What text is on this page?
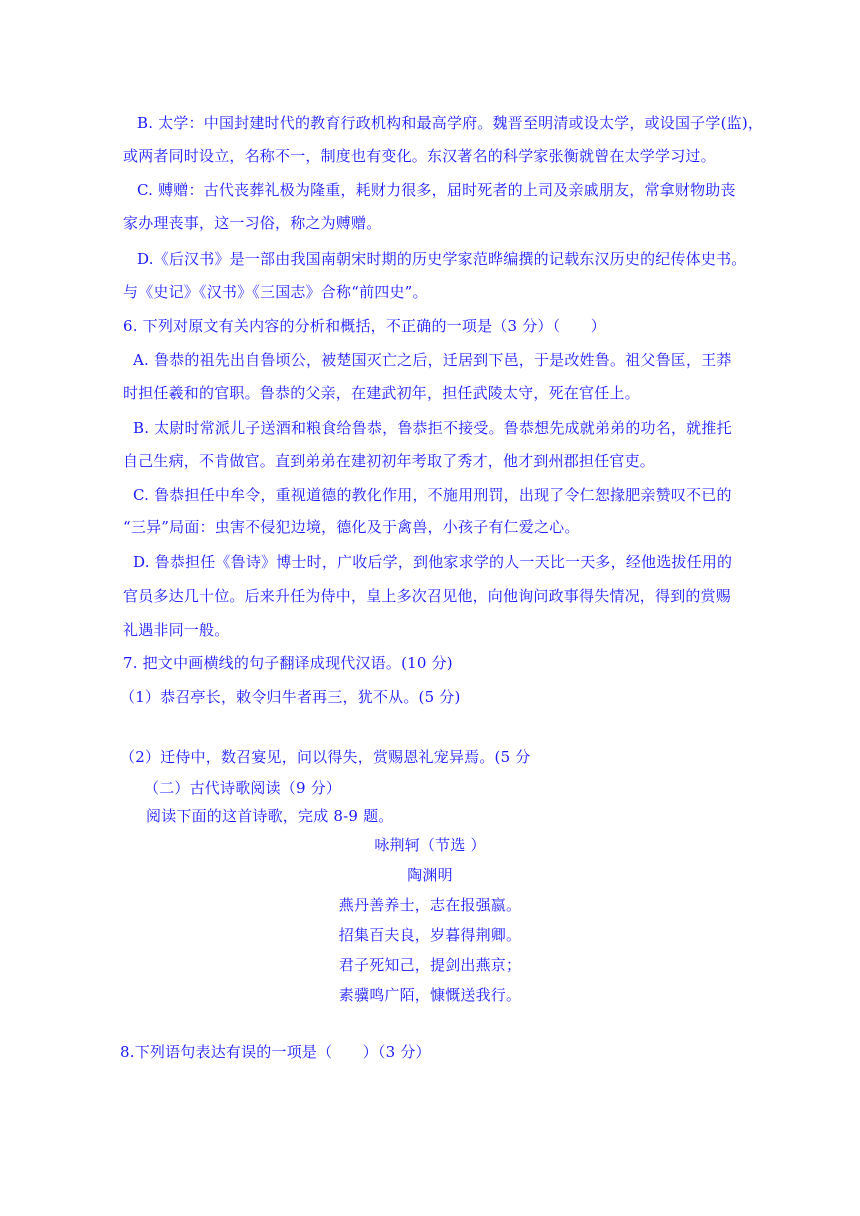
B. 太学：中国封建时代的教育行政机构和最高学府。魏晋至明清或设太学，或设国子学(监)，
或两者同时设立，名称不一，制度也有变化。东汉著名的科学家张衡就曾在太学学习过。
C. 赙赠：古代丧葬礼极为隆重，耗财力很多，届时死者的上司及亲戚朋友，常拿财物助丧
家办理丧事，这一习俗，称之为赙赠。
D.《后汉书》是一部由我国南朝宋时期的历史学家范晔编撰的记载东汉历史的纪传体史书。
与《史记》《汉书》《三国志》合称“前四史”。
6. 下列对原文有关内容的分析和概括，不正确的一项是（3 分）（　　）
A. 鲁恭的祖先出自鲁顷公，被楚国灭亡之后，迁居到下邑，于是改姓鲁。祖父鲁匡，王莽
时担任羲和的官职。鲁恭的父亲，在建武初年，担任武陵太守，死在官任上。
B. 太尉时常派儿子送酒和粮食给鲁恭，鲁恭拒不接受。鲁恭想先成就弟弟的功名，就推托
自己生病，不肯做官。直到弟弟在建初初年考取了秀才，他才到州郡担任官吏。
C. 鲁恭担任中牟令，重视道德的教化作用，不施用刑罚，出现了令仁恕掾肥亲赞叹不已的
“三异”局面：虫害不侵犯边境，德化及于禽兽，小孩子有仁爱之心。
D. 鲁恭担任《鲁诗》博士时，广收后学，到他家求学的人一天比一天多，经他选拔任用的
官员多达几十位。后来升任为侍中，皇上多次召见他，向他询问政事得失情况，得到的赏赐
礼遇非同一般。
7. 把文中画横线的句子翻译成现代汉语。(10 分)
（1）恭召亭长，敕令归牛者再三，犹不从。(5 分)
（2）迁侍中，数召宴见，问以得失，赏赐恩礼宠异焉。(5 分
（二）古代诗歌阅读（9 分）
阅读下面的这首诗歌，完成 8-9 题。
咏荆轲（节选 ）
陶渊明
燕丹善养士，志在报强嬴。
招集百夫良，岁暮得荆卿。
君子死知己，提剑出燕京；
素骥鸣广陌，慷慨送我行。
8.下列语句表达有误的一项是（　　）（3 分）
